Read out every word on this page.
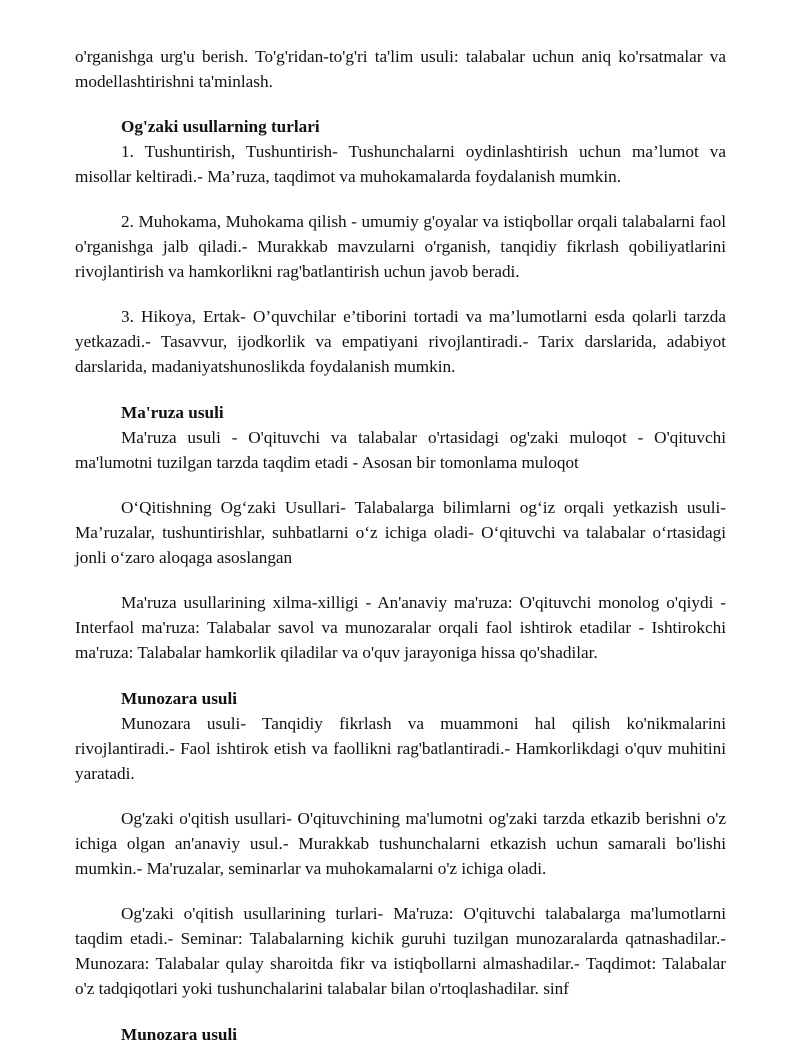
o'rganishga urg'u berish. To'g'ridan-to'g'ri ta'lim usuli: talabalar uchun aniq ko'rsatmalar va modellashtirishni ta'minlash.

Og'zaki usullarning turlari

1. Tushuntirish, Tushuntirish- Tushunchalarni oydinlashtirish uchun ma’lumot va misollar keltiradi.- Ma’ruza, taqdimot va muhokamalarda foydalanish mumkin.

2. Muhokama, Muhokama qilish - umumiy g'oyalar va istiqbollar orqali talabalarni faol o'rganishga jalb qiladi.- Murakkab mavzularni o'rganish, tanqidiy fikrlash qobiliyatlarini rivojlantirish va hamkorlikni rag'batlantirish uchun javob beradi.

3. Hikoya, Ertak- O’quvchilar e’tiborini tortadi va ma’lumotlarni esda qolarli tarzda yetkazadi.- Tasavvur, ijodkorlik va empatiyani rivojlantiradi.- Tarix darslarida, adabiyot darslarida, madaniyatshunoslikda foydalanish mumkin.

Ma'ruza usuli

Ma'ruza usuli - O'qituvchi va talabalar o'rtasidagi og'zaki muloqot - O'qituvchi ma'lumotni tuzilgan tarzda taqdim etadi - Asosan bir tomonlama muloqot

O‘Qitishning Og‘zaki Usullari- Talabalarga bilimlarni og‘iz orqali yetkazish usuli- Ma’ruzalar, tushuntirishlar, suhbatlarni o‘z ichiga oladi- O‘qituvchi va talabalar o‘rtasidagi jonli o‘zaro aloqaga asoslangan

Ma'ruza usullarining xilma-xilligi - An'anaviy ma'ruza: O'qituvchi monolog o'qiydi - Interfaol ma'ruza: Talabalar savol va munozaralar orqali faol ishtirok etadilar - Ishtirokchi ma'ruza: Talabalar hamkorlik qiladilar va o'quv jarayoniga hissa qo'shadilar.

Munozara usuli

Munozara usuli- Tanqidiy fikrlash va muammoni hal qilish ko'nikmalarini rivojlantiradi.- Faol ishtirok etish va faollikni rag'batlantiradi.- Hamkorlikdagi o'quv muhitini yaratadi.

Og'zaki o'qitish usullari- O'qituvchining ma'lumotni og'zaki tarzda etkazib berishni o'z ichiga olgan an'anaviy usul.- Murakkab tushunchalarni etkazish uchun samarali bo'lishi mumkin.- Ma'ruzalar, seminarlar va muhokamalarni o'z ichiga oladi.

Og'zaki o'qitish usullarining turlari- Ma'ruza: O'qituvchi talabalarga ma'lumotlarni taqdim etadi.- Seminar: Talabalarning kichik guruhi tuzilgan munozaralarda qatnashadilar.- Munozara: Talabalar qulay sharoitda fikr va istiqbollarni almashadilar.- Taqdimot: Talabalar o'z tadqiqotlari yoki tushunchalarini talabalar bilan o'rtoqlashadilar. sinf

Munozara usuli
